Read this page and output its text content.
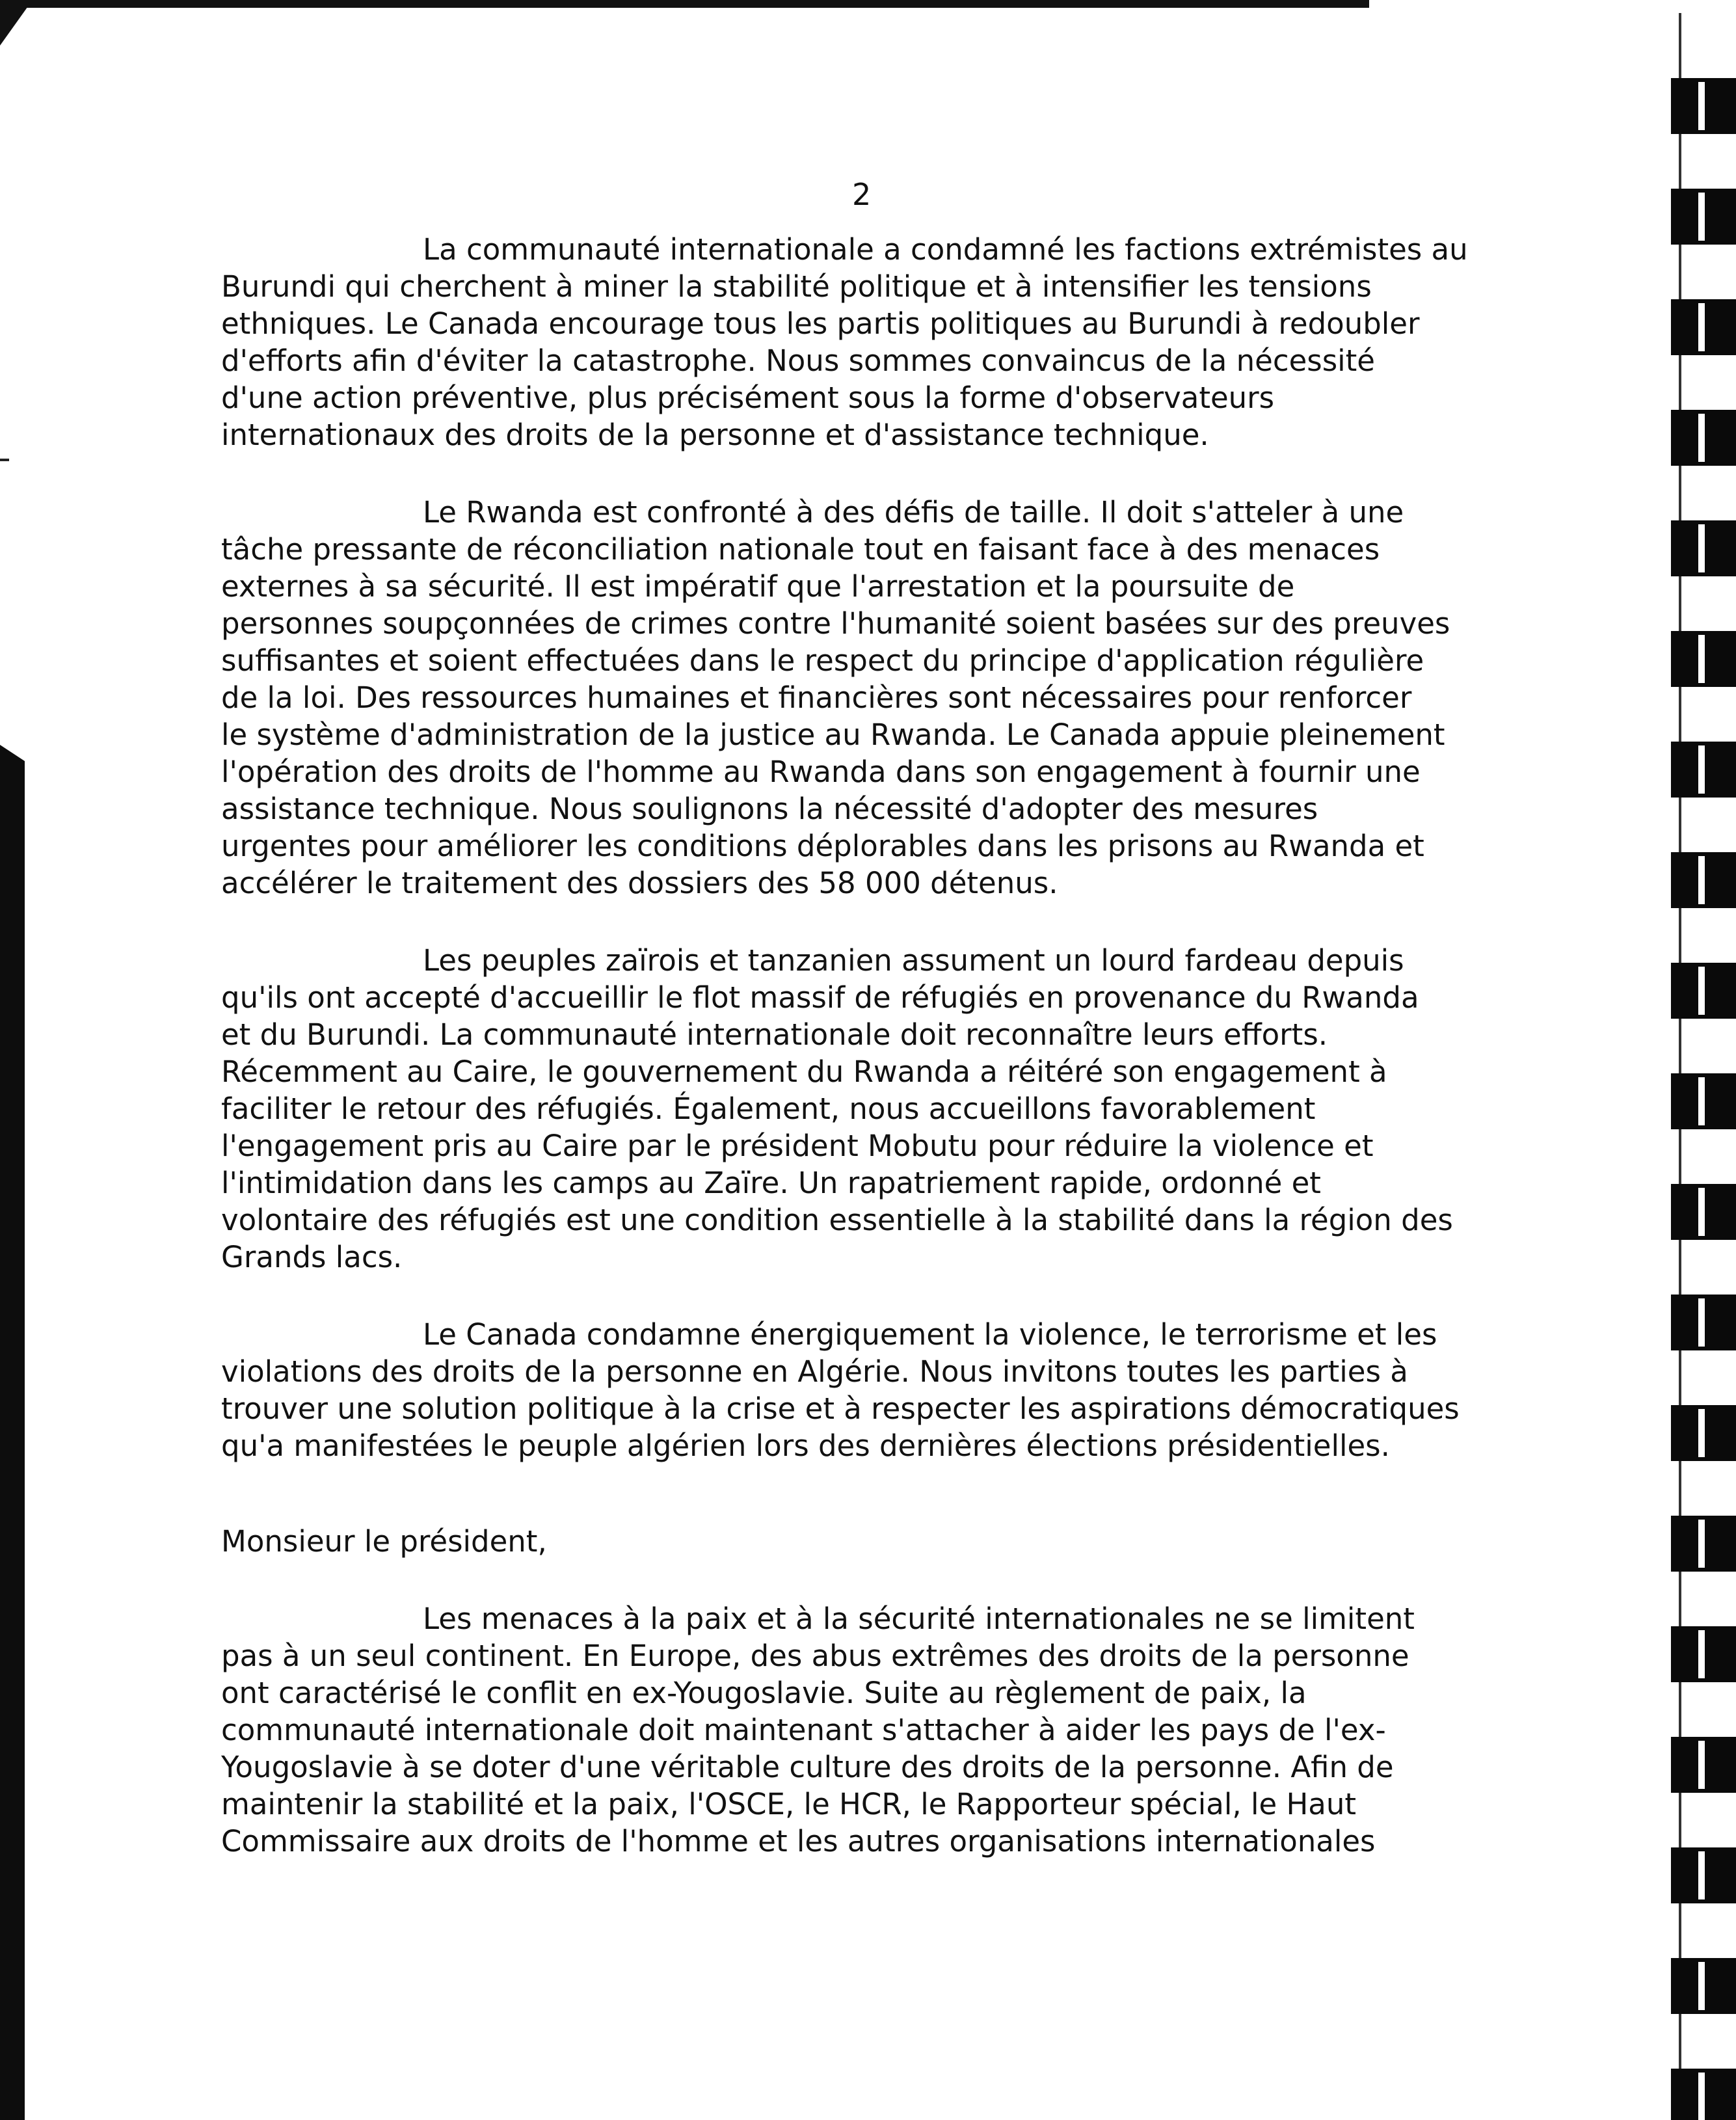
2
La communauté internationale a condamné les factions extrémistes au
Burundi qui cherchent à miner la stabilité politique et à intensifier les tensions
ethniques. Le Canada encourage tous les partis politiques au Burundi à redoubler
d'efforts afin d'éviter la catastrophe. Nous sommes convaincus de la nécessité
d'une action préventive, plus précisément sous la forme d'observateurs
internationaux des droits de la personne et d'assistance technique.
Le Rwanda est confronté à des défis de taille. Il doit s'atteler à une
tâche pressante de réconciliation nationale tout en faisant face à des menaces
externes à sa sécurité. Il est impératif que l'arrestation et la poursuite de
personnes soupçonnées de crimes contre l'humanité soient basées sur des preuves
suffisantes et soient effectuées dans le respect du principe d'application régulière
de la loi. Des ressources humaines et financières sont nécessaires pour renforcer
le système d'administration de la justice au Rwanda. Le Canada appuie pleinement
l'opération des droits de l'homme au Rwanda dans son engagement à fournir une
assistance technique. Nous soulignons la nécessité d'adopter des mesures
urgentes pour améliorer les conditions déplorables dans les prisons au Rwanda et
accélérer le traitement des dossiers des 58 000 détenus.
Les peuples zaïrois et tanzanien assument un lourd fardeau depuis
qu'ils ont accepté d'accueillir le flot massif de réfugiés en provenance du Rwanda
et du Burundi. La communauté internationale doit reconnaître leurs efforts.
Récemment au Caire, le gouvernement du Rwanda a réitéré son engagement à
faciliter le retour des réfugiés. Également, nous accueillons favorablement
l'engagement pris au Caire par le président Mobutu pour réduire la violence et
l'intimidation dans les camps au Zaïre. Un rapatriement rapide, ordonné et
volontaire des réfugiés est une condition essentielle à la stabilité dans la région des
Grands lacs.
Le Canada condamne énergiquement la violence, le terrorisme et les
violations des droits de la personne en Algérie. Nous invitons toutes les parties à
trouver une solution politique à la crise et à respecter les aspirations démocratiques
qu'a manifestées le peuple algérien lors des dernières élections présidentielles.
Monsieur le président,
Les menaces à la paix et à la sécurité internationales ne se limitent
pas à un seul continent. En Europe, des abus extrêmes des droits de la personne
ont caractérisé le conflit en ex-Yougoslavie. Suite au règlement de paix, la
communauté internationale doit maintenant s'attacher à aider les pays de l'ex-
Yougoslavie à se doter d'une véritable culture des droits de la personne. Afin de
maintenir la stabilité et la paix, l'OSCE, le HCR, le Rapporteur spécial, le Haut
Commissaire aux droits de l'homme et les autres organisations internationales
